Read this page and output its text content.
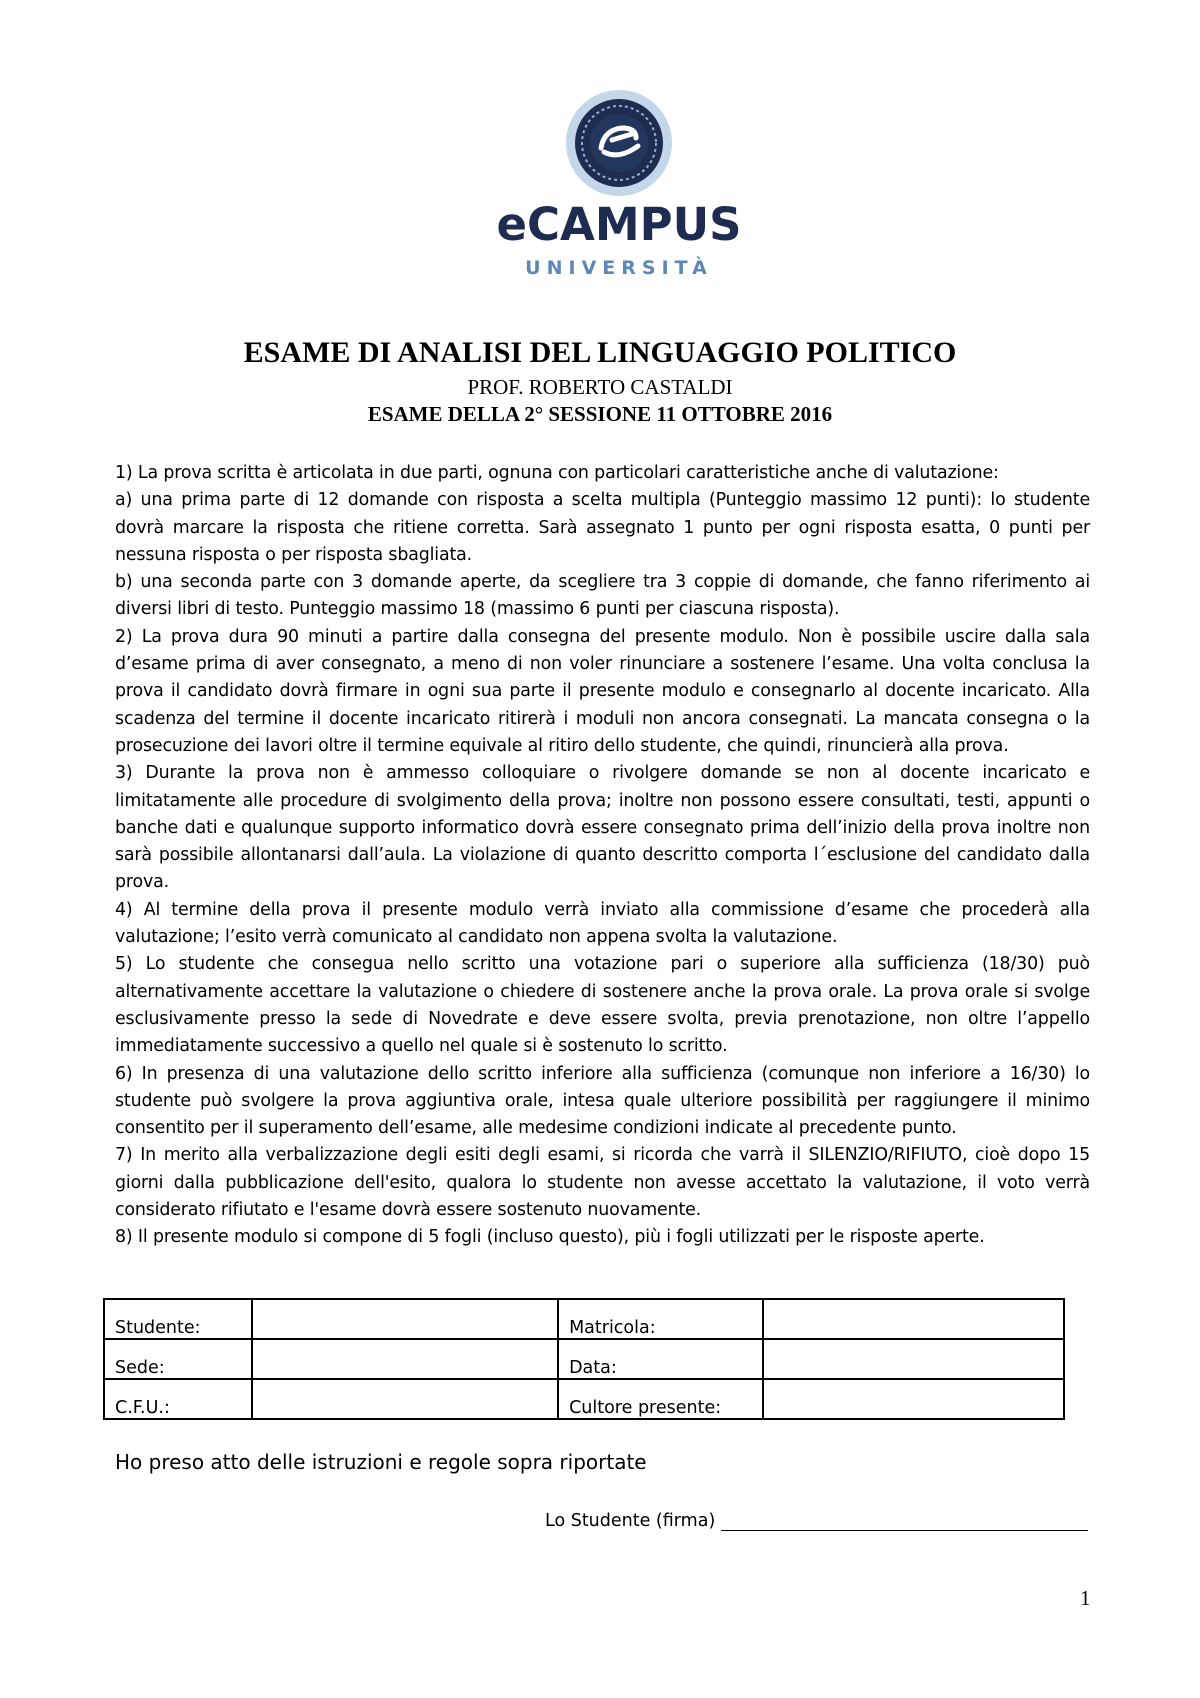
eCAMPUS
UNIVERSITÀ
ESAME DI ANALISI DEL LINGUAGGIO POLITICO
PROF. ROBERTO CASTALDI
ESAME DELLA 2° SESSIONE 11 OTTOBRE 2016

1) La prova scritta è articolata in due parti, ognuna con particolari caratteristiche anche di valutazione:

a) una prima parte di 12 domande con risposta a scelta multipla (Punteggio massimo 12 punti): lo studente dovrà marcare la risposta che ritiene corretta. Sarà assegnato 1 punto per ogni risposta esatta, 0 punti per nessuna risposta o per risposta sbagliata.

b) una seconda parte con 3 domande aperte, da scegliere tra 3 coppie di domande, che fanno riferimento ai diversi libri di testo. Punteggio massimo 18 (massimo 6 punti per ciascuna risposta).

2) La prova dura 90 minuti a partire dalla consegna del presente modulo. Non è possibile uscire dalla sala d’esame prima di aver consegnato, a meno di non voler rinunciare a sostenere l’esame. Una volta conclusa la prova il candidato dovrà firmare in ogni sua parte il presente modulo e consegnarlo al docente incaricato. Alla scadenza del termine il docente incaricato ritirerà i moduli non ancora consegnati. La mancata consegna o la prosecuzione dei lavori oltre il termine equivale al ritiro dello studente, che quindi, rinuncierà alla prova.

3) Durante la prova non è ammesso colloquiare o rivolgere domande se non al docente incaricato e limitatamente alle procedure di svolgimento della prova; inoltre non possono essere consultati, testi, appunti o banche dati e qualunque supporto informatico dovrà essere consegnato prima dell’inizio della prova inoltre non sarà possibile allontanarsi dall’aula. La violazione di quanto descritto comporta l´esclusione del candidato dalla prova.

4) Al termine della prova il presente modulo verrà inviato alla commissione d’esame che procederà alla valutazione; l’esito verrà comunicato al candidato non appena svolta la valutazione.

5) Lo studente che consegua nello scritto una votazione pari o superiore alla sufficienza (18/30) può alternativamente accettare la valutazione o chiedere di sostenere anche la prova orale. La prova orale si svolge esclusivamente presso la sede di Novedrate e deve essere svolta, previa prenotazione, non oltre l’appello immediatamente successivo a quello nel quale si è sostenuto lo scritto.

6) In presenza di una valutazione dello scritto inferiore alla sufficienza (comunque non inferiore a 16/30) lo studente può svolgere la prova aggiuntiva orale, intesa quale ulteriore possibilità per raggiungere il minimo consentito per il superamento dell’esame, alle medesime condizioni indicate al precedente punto.

7) In merito alla verbalizzazione degli esiti degli esami, si ricorda che varrà il SILENZIO/RIFIUTO, cioè dopo 15 giorni dalla pubblicazione dell'esito, qualora lo studente non avesse accettato la valutazione, il voto verrà considerato rifiutato e l'esame dovrà essere sostenuto nuovamente.

8) Il presente modulo si compone di 5 fogli (incluso questo), più i fogli utilizzati per le risposte aperte.

Studente:		Matricola:	
Sede:		Data:	
C.F.U.:		Cultore presente:	
Ho preso atto delle istruzioni e regole sopra riportate
Lo Studente (firma)
1
